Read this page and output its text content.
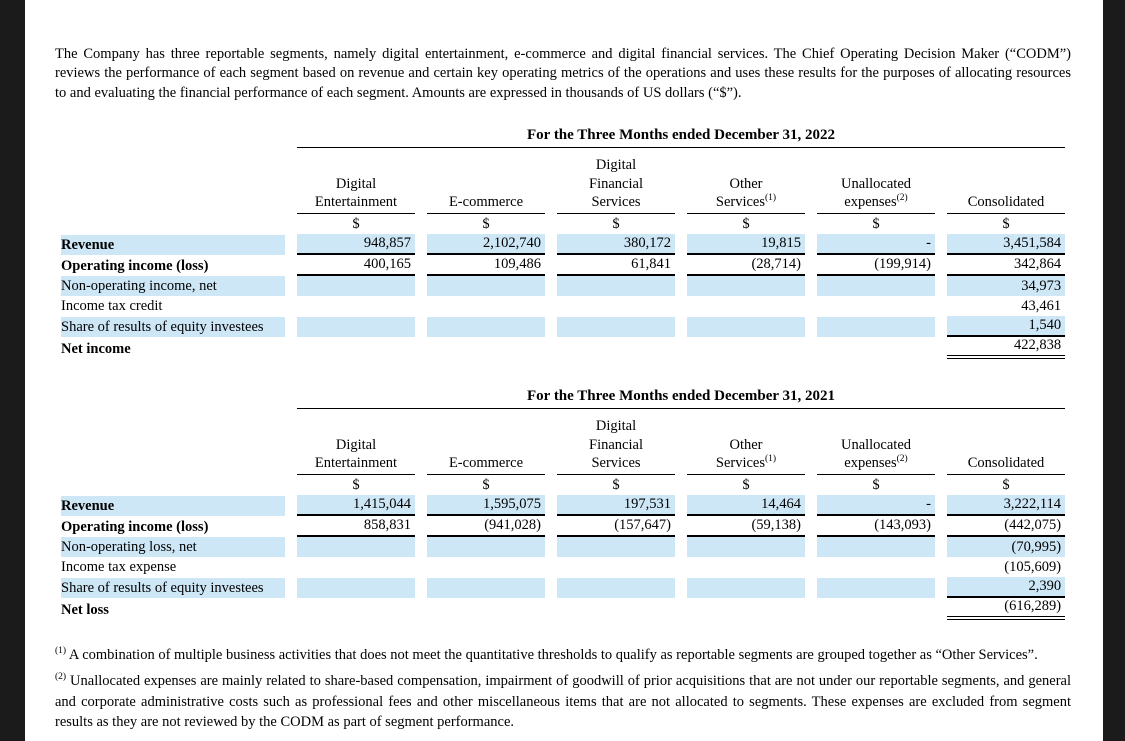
The Company has three reportable segments, namely digital entertainment, e-commerce and digital financial services. The Chief Operating Decision Maker (“CODM”) reviews the performance of each segment based on revenue and certain key operating metrics of the operations and uses these results for the purposes of allocating resources to and evaluating the financial performance of each segment. Amounts are expressed in thousands of US dollars (“$”).

	For the Three Months ended December 31, 2022					

	Digital
Entertainment	E-commerce	Digital
Financial
Services	Other
Services$^{(1)}$	Unallocated
expenses$^{(2)}$	Consolidated

	$	$	$	$	$	$

Revenue	948,857	2,102,740	380,172	19,815	-	3,451,584

Operating income (loss)	400,165	109,486	61,841	(28,714)	(199,914)	342,864

Non-operating income, net						34,973

Income tax credit						43,461

Share of results of equity investees						1,540

Net income						422,838

	For the Three Months ended December 31, 2021					

	Digital
Entertainment	E-commerce	Digital
Financial
Services	Other
Services$^{(1)}$	Unallocated
expenses$^{(2)}$	Consolidated

	$	$	$	$	$	$

Revenue	1,415,044	1,595,075	197,531	14,464	-	3,222,114

Operating income (loss)	858,831	(941,028)	(157,647)	(59,138)	(143,093)	(442,075)

Non-operating loss, net						(70,995)

Income tax expense						(105,609)

Share of results of equity investees						2,390

Net loss						(616,289)

$^{(1)}$ A combination of multiple business activities that does not meet the quantitative thresholds to qualify as reportable segments are grouped together as “Other Services”.

$^{(2)}$ Unallocated expenses are mainly related to share-based compensation, impairment of goodwill of prior acquisitions that are not under our reportable segments, and general and corporate administrative costs such as professional fees and other miscellaneous items that are not allocated to segments. These expenses are excluded from segment results as they are not reviewed by the CODM as part of segment performance.
